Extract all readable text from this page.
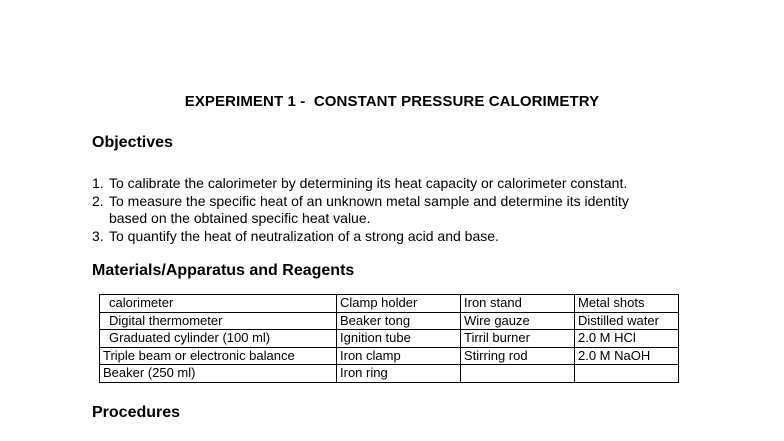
EXPERIMENT 1 -  CONSTANT PRESSURE CALORIMETRY
Objectives
1. To calibrate the calorimeter by determining its heat capacity or calorimeter constant.
2. To measure the specific heat of an unknown metal sample and determine its identity
based on the obtained specific heat value.
3. To quantify the heat of neutralization of a strong acid and base.
Materials/Apparatus and Reagents
calorimeter	Clamp holder	Iron stand	Metal shots
Digital thermometer	Beaker tong	Wire gauze	Distilled water
Graduated cylinder (100 ml)	Ignition tube	Tirril burner	2.0 M HCl
Triple beam or electronic balance	Iron clamp	Stirring rod	2.0 M NaOH
Beaker (250 ml)	Iron ring		
Procedures
